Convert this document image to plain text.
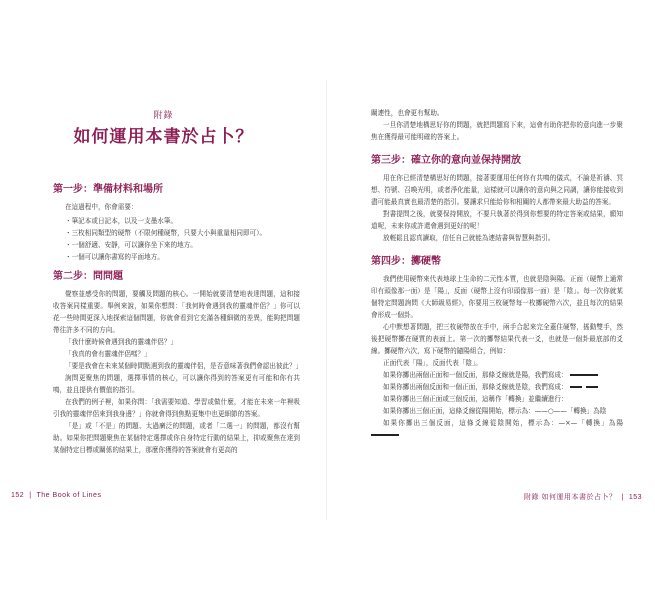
附錄
如何運用本書於占卜？
第一步：準備材料和場所

在這過程中，你會需要：

・筆記本或日記本，以及一支墨水筆。
・三枚相同類型的硬幣（不限何種硬幣，只要大小與重量相同即可）。
・一個舒適、安靜，可以讓你坐下來的地方。
・一個可以讓你書寫的平面地方。
第二步：問問題

覺察並感受你的問題，要觸及問題的核心。一開始就要清楚地表達問題，這和接收答案同樣重要。舉例來說，如果你想問：「我何時會遇到我的靈魂伴侶？」你可以花一些時間更深入地探索這個問題，你就會看到它充滿各種細微的差異，能夠把問題帶往許多不同的方向。

「我什麼時候會遇到我的靈魂伴侶？」

「我真的會有靈魂伴侶嗎？」

「要是我會在未來某個時間點遇到我的靈魂伴侶，是否意味著我們會認出彼此？」

詢問更聚焦的問題，選擇事情的核心，可以讓你得到的答案更有可能和你有共鳴，並且提供有價值的指引。

在我們的例子裡，如果你問：「我需要知道、學習或做什麼，才能在未來一年裡吸引我的靈魂伴侶來到我身邊？」你就會得到焦點更集中也更細節的答案。

「是」或「不是」的問題、太過廣泛的問題，或者「二選一」的問題，都沒有幫助。如果你把問題聚焦在某個特定選擇或你自身特定行動的結果上，抑或聚焦在達到某個特定目標或關係的結果上，那麼你獲得的答案就會有更高的

152 | The Book of Lines

關連性，也會更有幫助。

一旦你清楚地構思好你的問題，就把問題寫下來，這會有助你把你的意向進一步聚焦在獲得最可能明確的答案上。

第三步：確立你的意向並保持開放

用在你已經清楚構思好的問題，接著要運用任何你有共鳴的儀式，不論是祈禱、冥想、符號、召喚光明，或者淨化能量，這樣就可以讓你的意向與之同調，讓你能接收到盡可能最真實也最清楚的指引。要讓求只能給你和相關的人都帶來最大助益的答案。

對書提問之後，就要保持開放，不要只執著於得到你想要的特定答案或結果，願知道呢，未來你或許還會遇到更好的呢！

放輕鬆且認真讀取，信任自己就能為連結書與智慧與指引。

第四步：擲硬幣

我們使用硬幣來代表地球上生命的二元性本質，也就是陰與陽。正面（硬幣上通常印有頭像那一面）是「陽」，反面（硬幣上沒有印頭像那一面）是「陰」。每一次你就某個特定問題詢問《大師級易經》，你要用三枚硬幣每一枚擲硬幣六次，並且每次的結果會形成一個卦。

心中默想著問題，把三枚硬幣放在手中，兩手合起來完全蓋住硬幣，搖動雙手，然後把硬幣擲在硬質的表面上。第一次的擲幣結果代表一爻，也就是一個卦最底部的爻線。擲硬幣六次，寫下硬幣的隨陽組合，例如：

正面代表「陽」，反面代表「陰」。

如果你擲出兩個正面和一個反面，那條爻線就是陽，我們寫成：

如果你擲出兩個反面和一個正面，那條爻線就是陰，我們寫成：

如果你擲出三個正面或三個反面，這稱作「轉換」並繼續進行：

如果你擲出三個正面，這條爻線從陽開始，標示為：——○——「轉換」為陰

如果你擲出三個反面，這條爻線從陰開始，標示為：—×—「轉換」為陽

附錄 如何運用本書於占卜？ | 153
